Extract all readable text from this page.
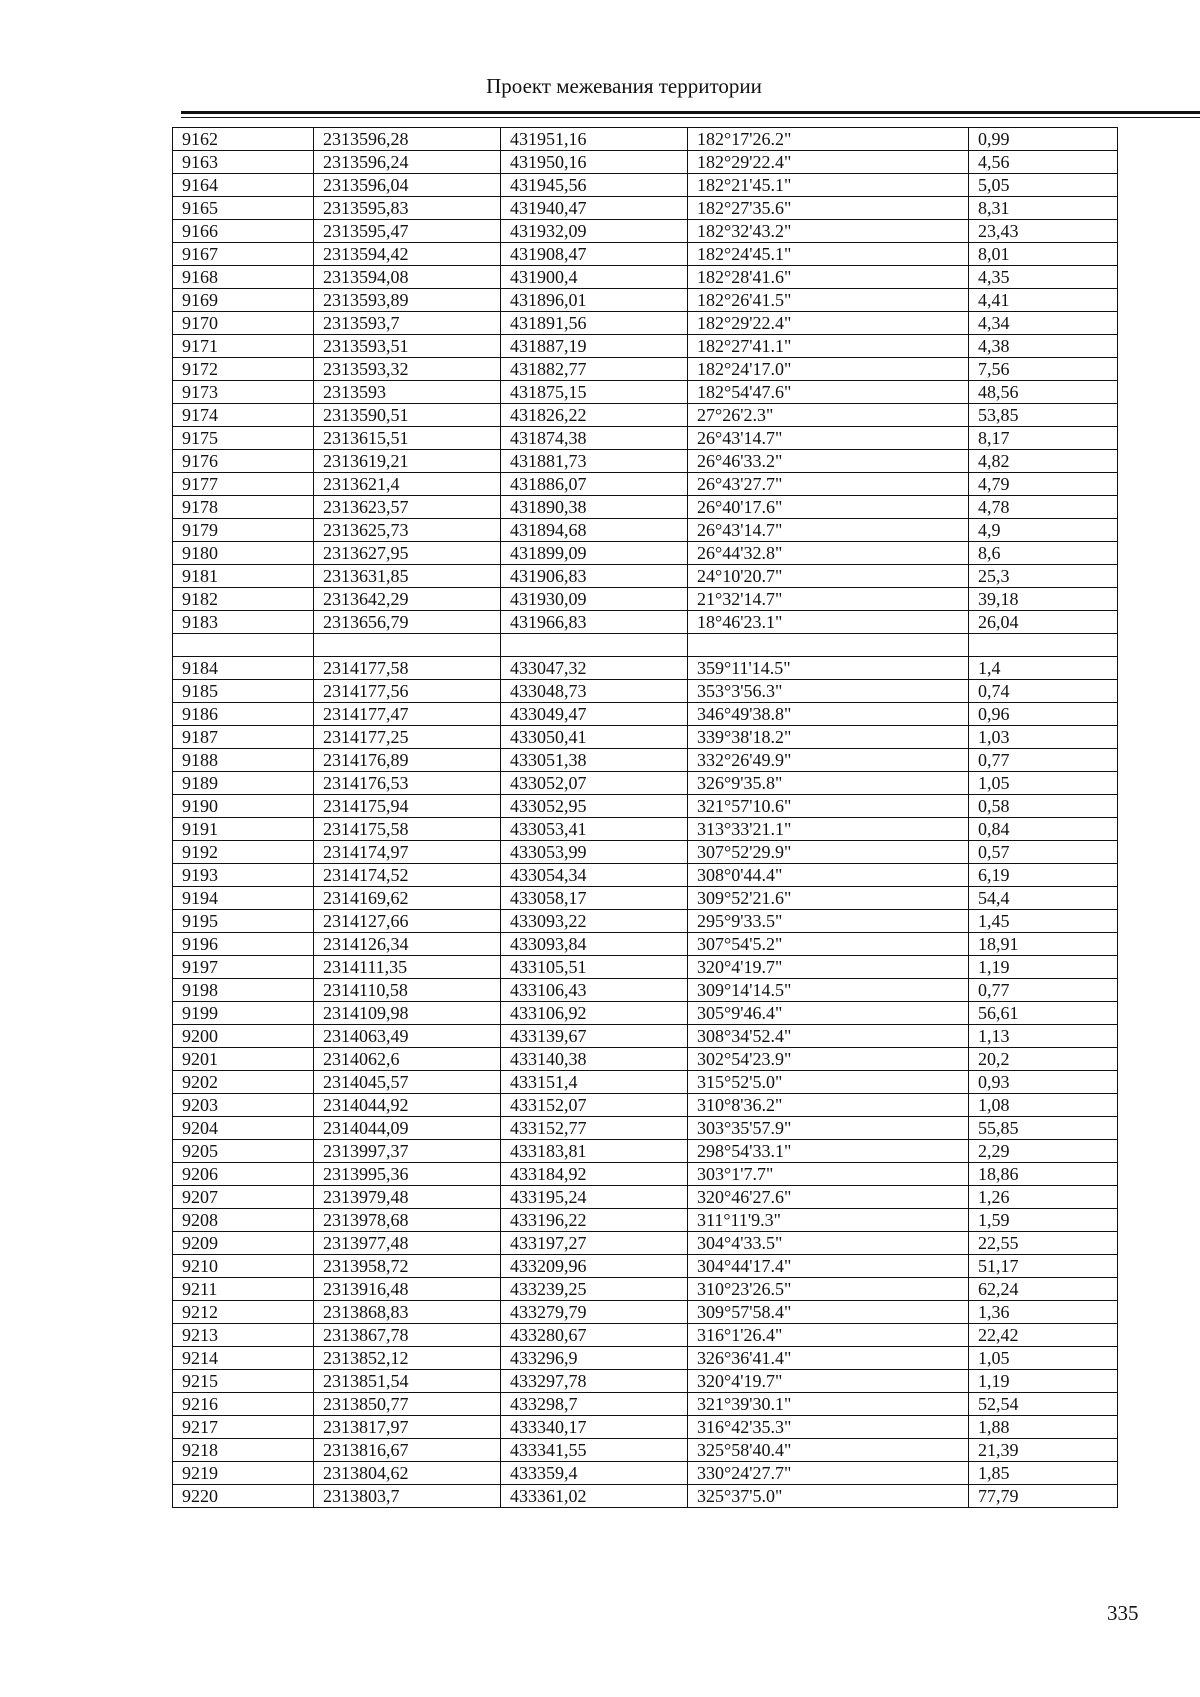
Проект межевания территории
9162	2313596,28	431951,16	182°17'26.2"	0,99
9163	2313596,24	431950,16	182°29'22.4"	4,56
9164	2313596,04	431945,56	182°21'45.1"	5,05
9165	2313595,83	431940,47	182°27'35.6"	8,31
9166	2313595,47	431932,09	182°32'43.2"	23,43
9167	2313594,42	431908,47	182°24'45.1"	8,01
9168	2313594,08	431900,4	182°28'41.6"	4,35
9169	2313593,89	431896,01	182°26'41.5"	4,41
9170	2313593,7	431891,56	182°29'22.4"	4,34
9171	2313593,51	431887,19	182°27'41.1"	4,38
9172	2313593,32	431882,77	182°24'17.0"	7,56
9173	2313593	431875,15	182°54'47.6"	48,56
9174	2313590,51	431826,22	27°26'2.3"	53,85
9175	2313615,51	431874,38	26°43'14.7"	8,17
9176	2313619,21	431881,73	26°46'33.2"	4,82
9177	2313621,4	431886,07	26°43'27.7"	4,79
9178	2313623,57	431890,38	26°40'17.6"	4,78
9179	2313625,73	431894,68	26°43'14.7"	4,9
9180	2313627,95	431899,09	26°44'32.8"	8,6
9181	2313631,85	431906,83	24°10'20.7"	25,3
9182	2313642,29	431930,09	21°32'14.7"	39,18
9183	2313656,79	431966,83	18°46'23.1"	26,04

9184	2314177,58	433047,32	359°11'14.5"	1,4
9185	2314177,56	433048,73	353°3'56.3"	0,74
9186	2314177,47	433049,47	346°49'38.8"	0,96
9187	2314177,25	433050,41	339°38'18.2"	1,03
9188	2314176,89	433051,38	332°26'49.9"	0,77
9189	2314176,53	433052,07	326°9'35.8"	1,05
9190	2314175,94	433052,95	321°57'10.6"	0,58
9191	2314175,58	433053,41	313°33'21.1"	0,84
9192	2314174,97	433053,99	307°52'29.9"	0,57
9193	2314174,52	433054,34	308°0'44.4"	6,19
9194	2314169,62	433058,17	309°52'21.6"	54,4
9195	2314127,66	433093,22	295°9'33.5"	1,45
9196	2314126,34	433093,84	307°54'5.2"	18,91
9197	2314111,35	433105,51	320°4'19.7"	1,19
9198	2314110,58	433106,43	309°14'14.5"	0,77
9199	2314109,98	433106,92	305°9'46.4"	56,61
9200	2314063,49	433139,67	308°34'52.4"	1,13
9201	2314062,6	433140,38	302°54'23.9"	20,2
9202	2314045,57	433151,4	315°52'5.0"	0,93
9203	2314044,92	433152,07	310°8'36.2"	1,08
9204	2314044,09	433152,77	303°35'57.9"	55,85
9205	2313997,37	433183,81	298°54'33.1"	2,29
9206	2313995,36	433184,92	303°1'7.7"	18,86
9207	2313979,48	433195,24	320°46'27.6"	1,26
9208	2313978,68	433196,22	311°11'9.3"	1,59
9209	2313977,48	433197,27	304°4'33.5"	22,55
9210	2313958,72	433209,96	304°44'17.4"	51,17
9211	2313916,48	433239,25	310°23'26.5"	62,24
9212	2313868,83	433279,79	309°57'58.4"	1,36
9213	2313867,78	433280,67	316°1'26.4"	22,42
9214	2313852,12	433296,9	326°36'41.4"	1,05
9215	2313851,54	433297,78	320°4'19.7"	1,19
9216	2313850,77	433298,7	321°39'30.1"	52,54
9217	2313817,97	433340,17	316°42'35.3"	1,88
9218	2313816,67	433341,55	325°58'40.4"	21,39
9219	2313804,62	433359,4	330°24'27.7"	1,85
9220	2313803,7	433361,02	325°37'5.0"	77,79
335
